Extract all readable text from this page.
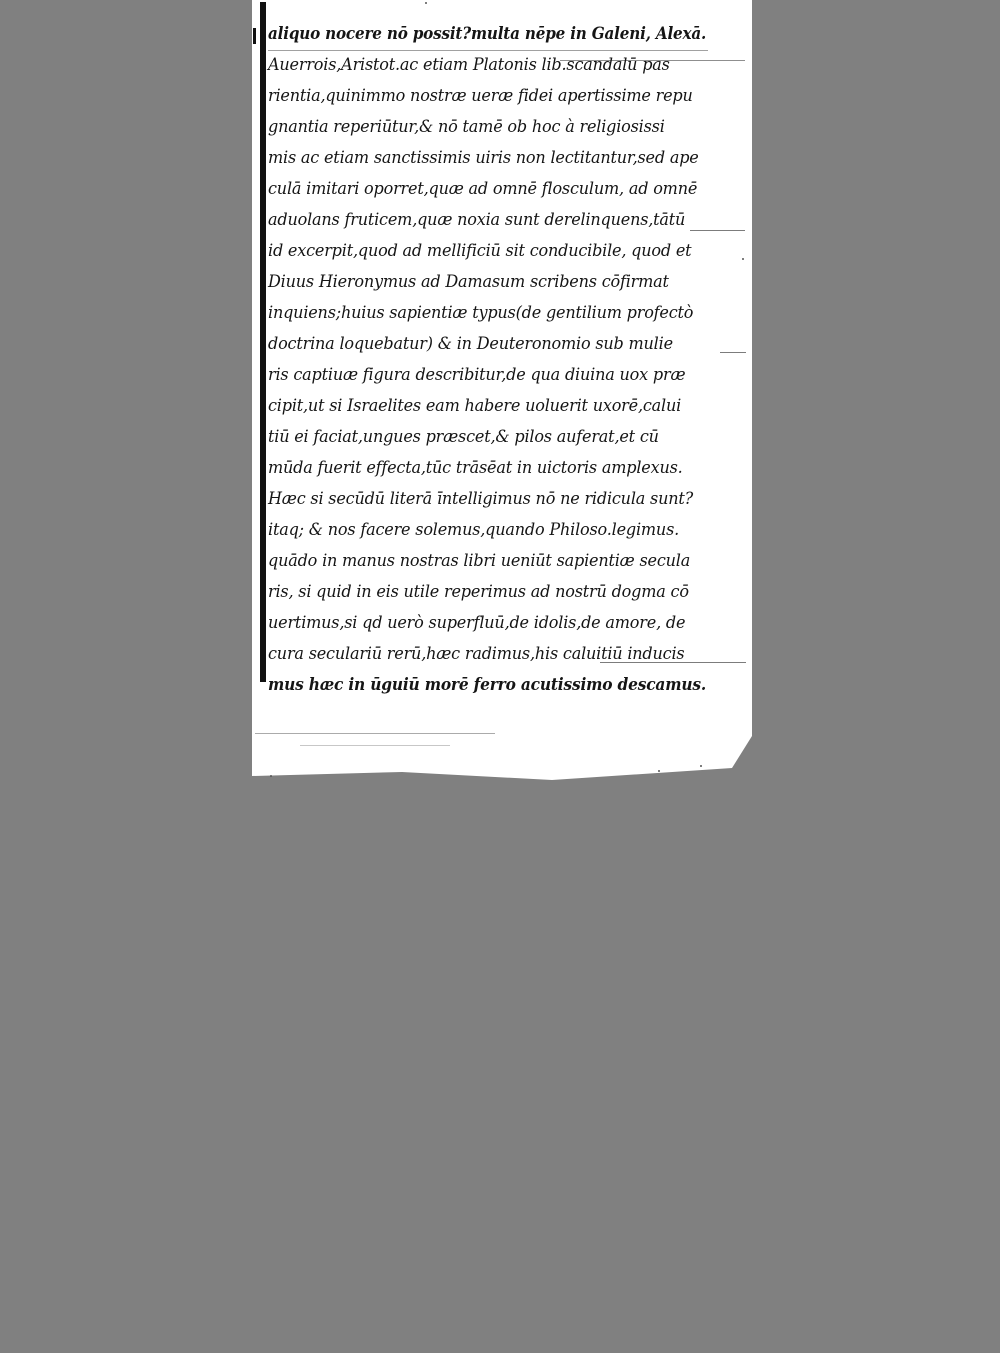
aliquo nocere nō possit?multa nēpe in Galeni, Alexā.
Auerrois,Aristot.ac etiam Platonis lib.scandalū pas
rientia,quinimmo nostræ ueræ fidei apertissime repu
gnantia reperiūtur,& nō tamē ob hoc à religiosissi
mis ac etiam sanctissimis uiris non lectitantur,sed ape
culā imitari oporret,quæ ad omnē flosculum, ad omnē
aduolans fruticem,quæ noxia sunt derelinquens,tātū
id excerpit,quod ad mellificiū sit conducibile, quod et
Diuus Hieronymus ad Damasum scribens cōfirmat
inquiens;huius sapientiæ typus(de gentilium profectò
doctrina loquebatur) & in Deuteronomio sub mulie
ris captiuæ figura describitur,de qua diuina uox præ
cipit,ut si Israelites eam habere uoluerit uxorē,calui
tiū ei faciat,ungues præscet,& pilos auferat,et cū
mūda fuerit effecta,tūc trāsēat in uictoris amplexus.
Hæc si secūdū literā īntelligimus nō ne ridicula sunt?
itaq; & nos facere solemus,quando Philoso.legimus.
quādo in manus nostras libri ueniūt sapientiæ secula
ris, si quid in eis utile reperimus ad nostrū dogma cō
uertimus,si qd uerò superfluū,de idolis,de amore, de
cura seculariū rerū,hæc radimus,his caluitiū inducis
mus hæc in ūguiū morē ferro acutissimo descamus.
